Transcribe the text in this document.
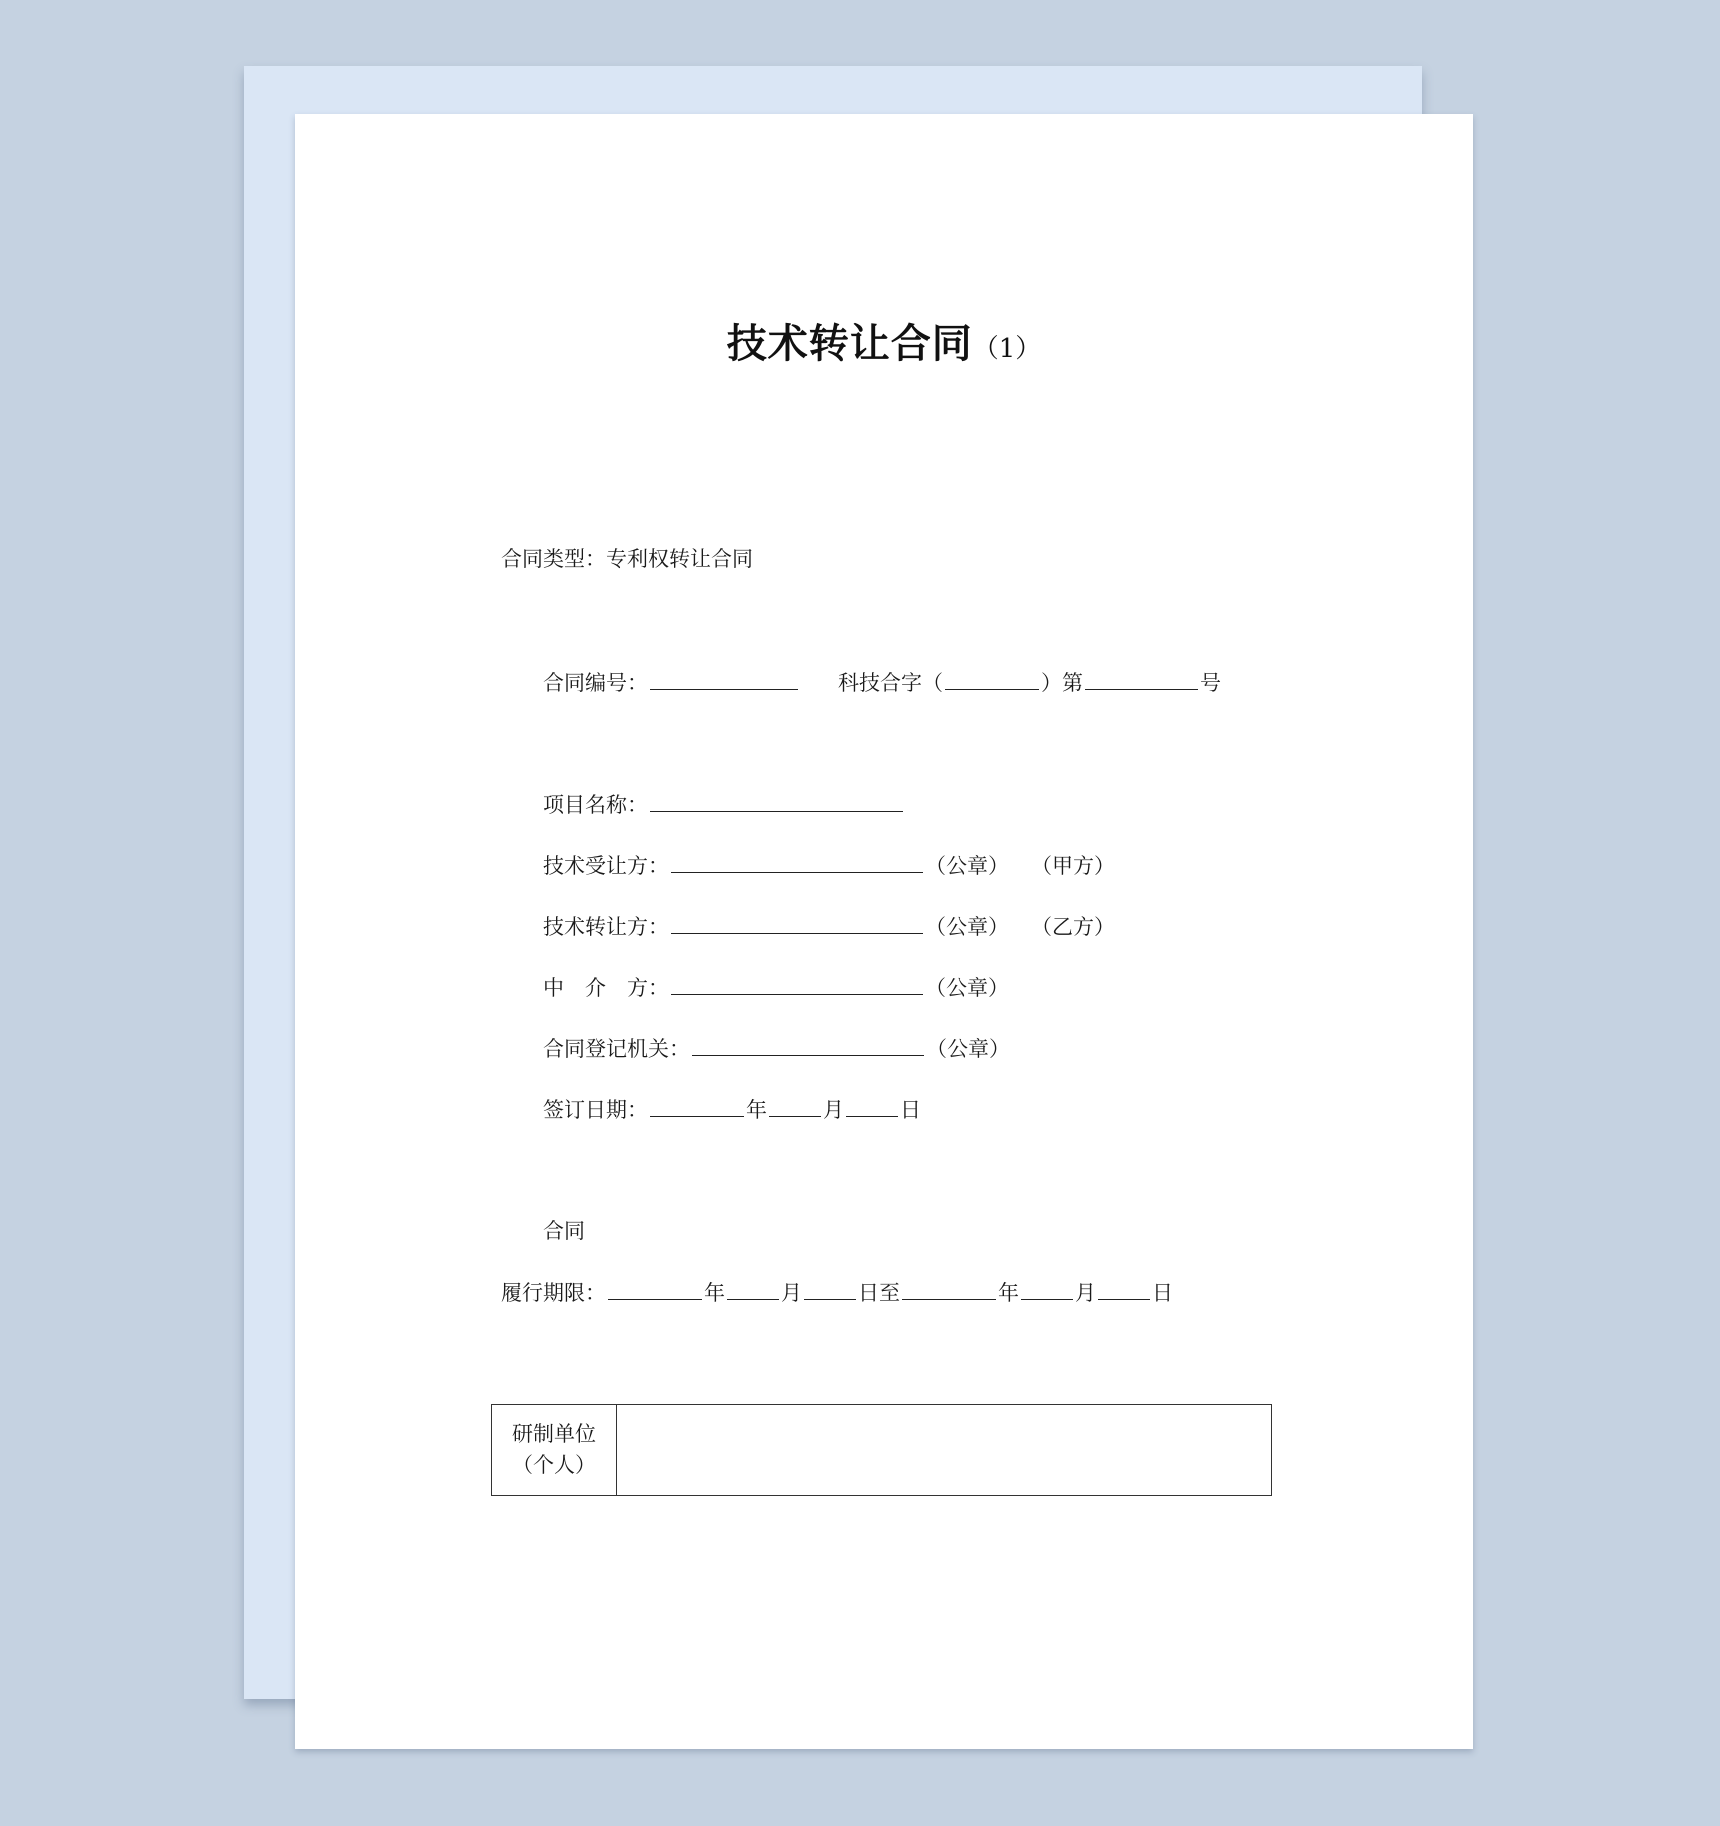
技术转让合同（1）
合同类型：专利权转让合同
合同编号：	科技合字（	）第	号
项目名称：
技术受让方：	（公章） （甲方）
技术转让方：	（公章） （乙方）
中　介　方：	（公章）
合同登记机关：	（公章）
签订日期：	年	月	日
合同
履行期限：	年	月	日至	年	月	日
研制单位
（个人）
